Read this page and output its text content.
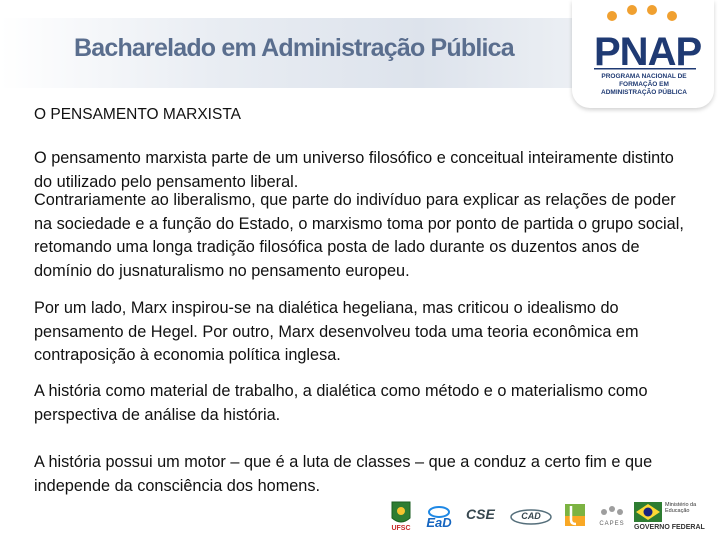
Bacharelado em Administração Pública PNAP
PROGRAMA NACIONAL DE FORMAÇÃO EM ADMINISTRAÇÃO PÚBLICA
O PENSAMENTO MARXISTA

O pensamento marxista parte de um universo filosófico e conceitual inteiramente distinto do utilizado pelo pensamento liberal.

Contrariamente ao liberalismo, que parte do indivíduo para explicar as relações de poder na sociedade e a função do Estado, o marxismo toma por ponto de partida o grupo social, retomando uma longa tradição filosófica posta de lado durante os duzentos anos de domínio do jusnaturalismo no pensamento europeu.

Por um lado, Marx inspirou-se na dialética hegeliana, mas criticou o idealismo do pensamento de Hegel. Por outro, Marx desenvolveu toda uma teoria econômica em contraposição à economia política inglesa.

A história como material de trabalho, a dialética como método e o materialismo como perspectiva de análise da história.

A história possui um motor – que é a luta de classes – que a conduz a certo fim e que independe da consciência dos homens.

UFSC	EaD
CSE	CAD
CAPES
Ministério da Educação
GOVERNO FEDERAL
